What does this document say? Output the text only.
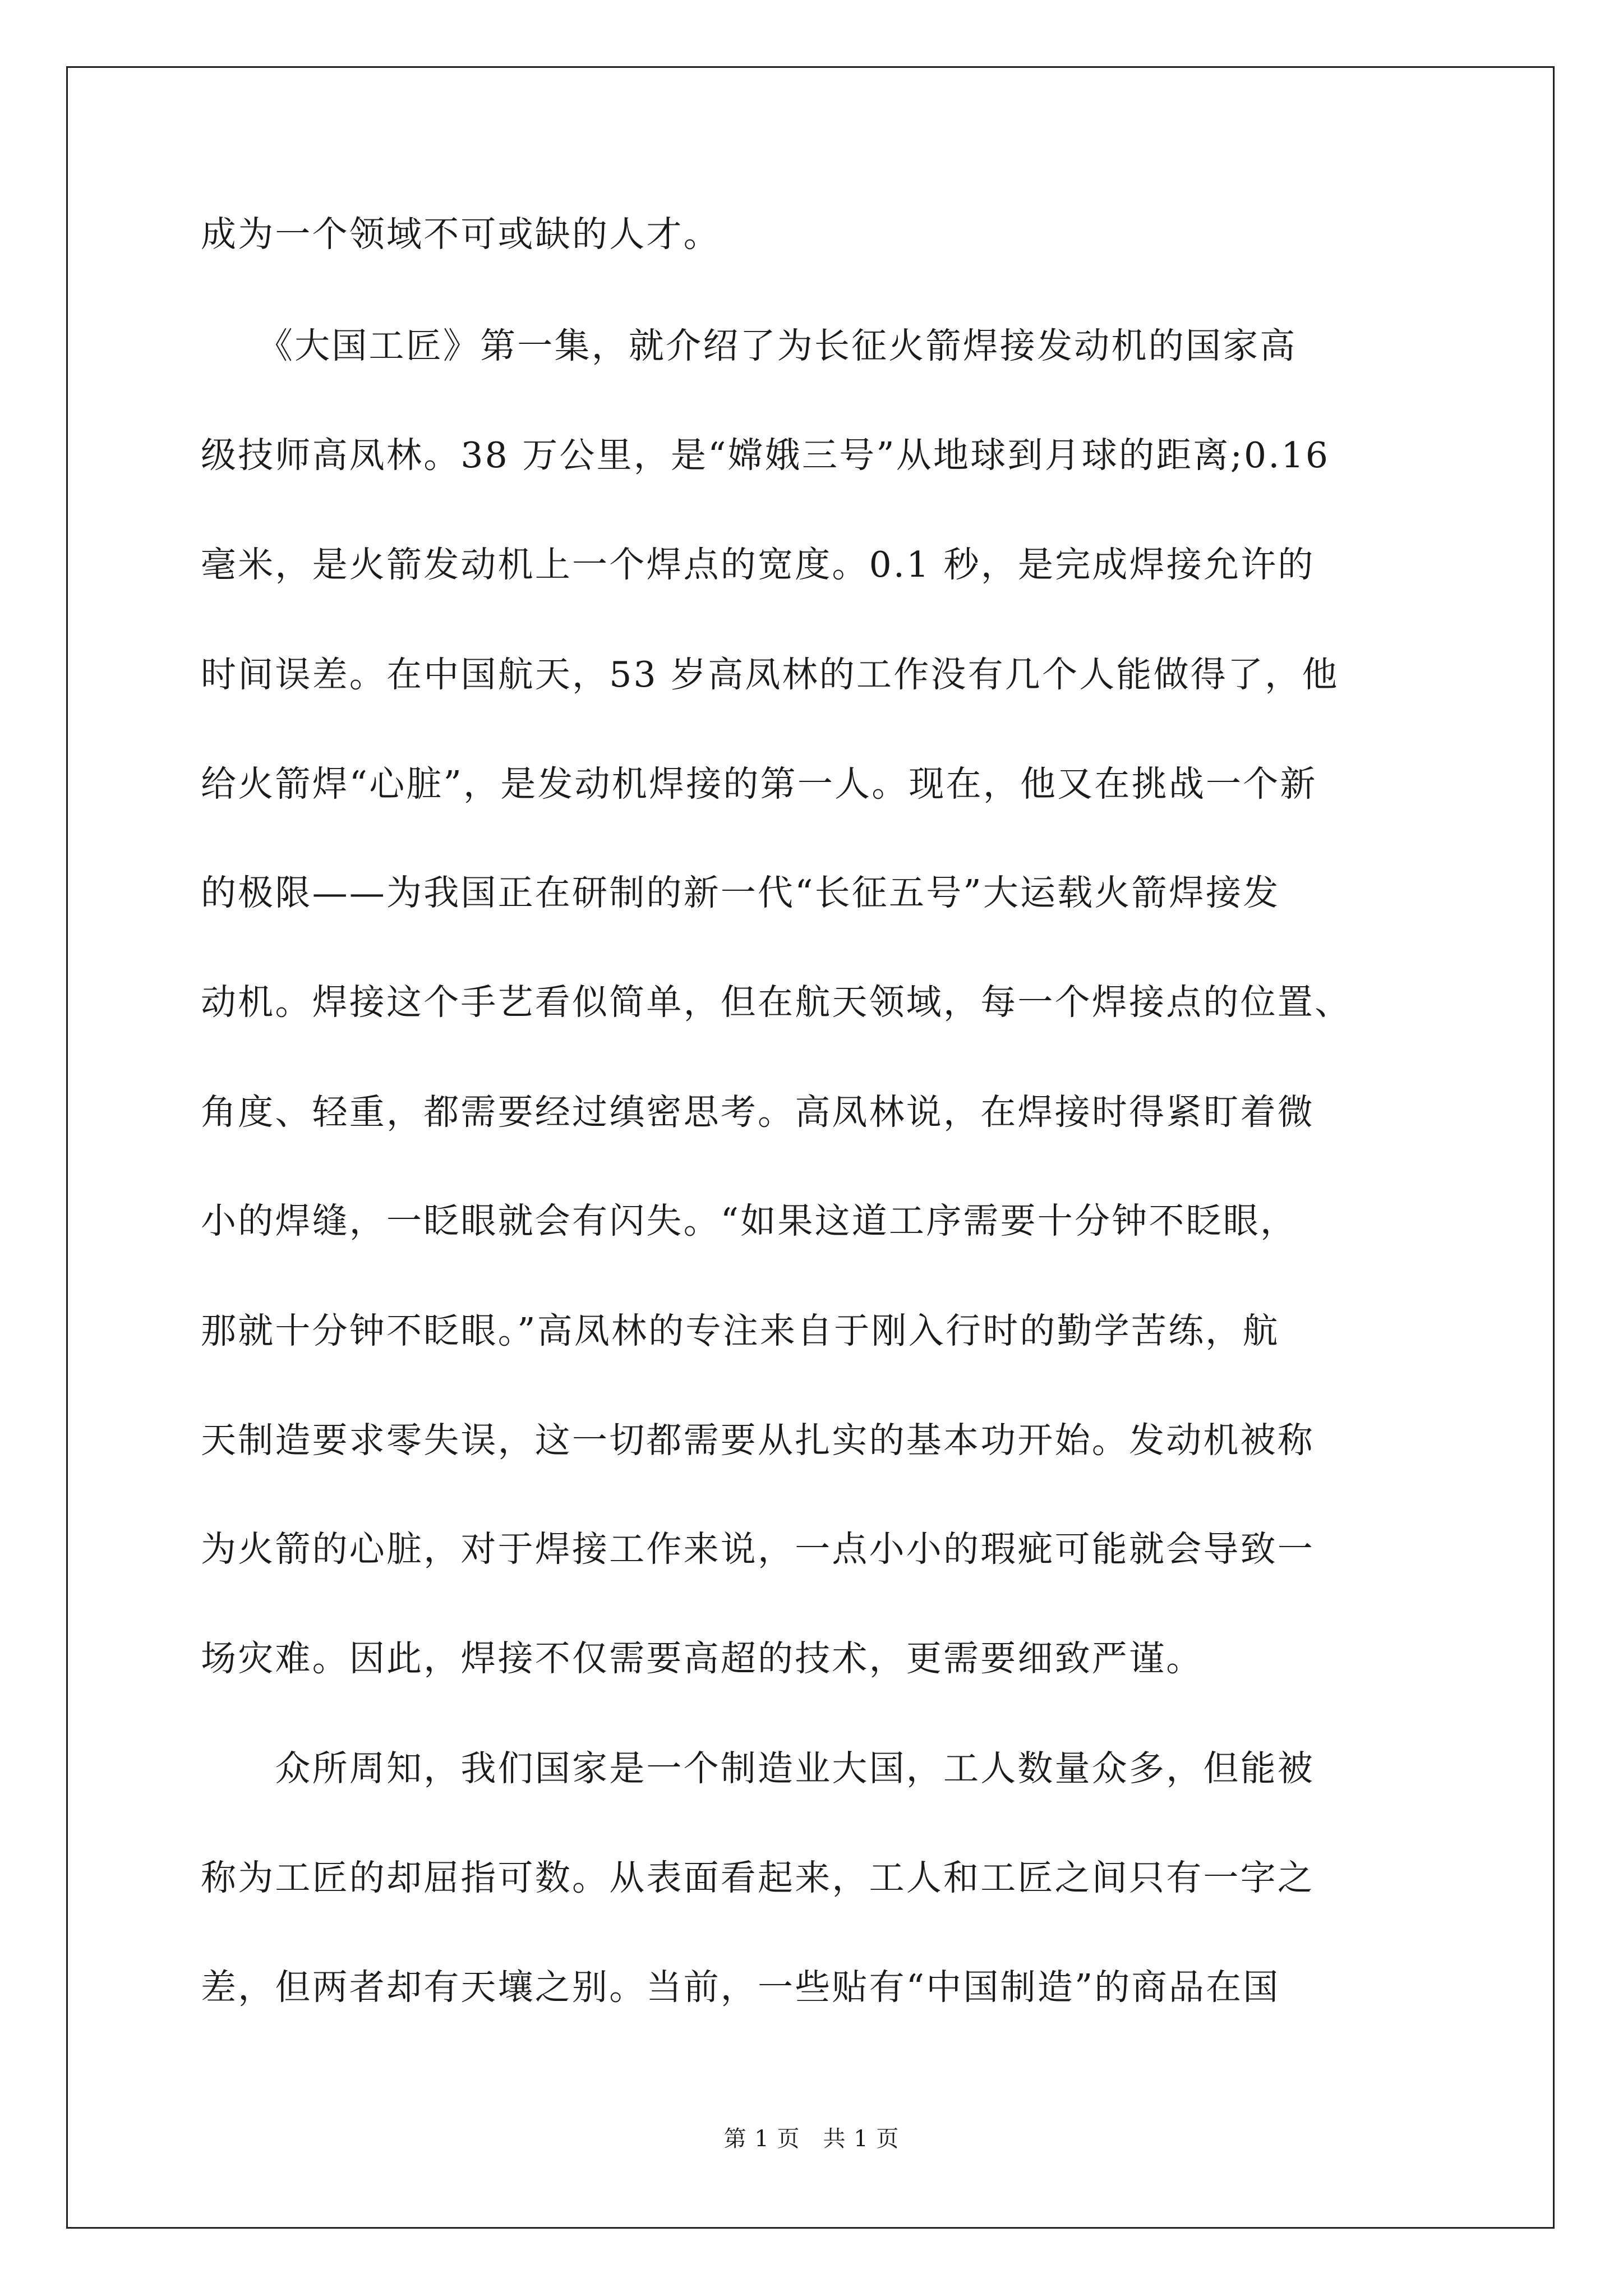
成为一个领域不可或缺的人才。

　　《大国工匠》第一集，就介绍了为长征火箭焊接发动机的国家高

级技师高凤林。38 万公里，是“嫦娥三号”从地球到月球的距离;0.16

毫米，是火箭发动机上一个焊点的宽度。0.1 秒，是完成焊接允许的

时间误差。在中国航天，53 岁高凤林的工作没有几个人能做得了，他

给火箭焊“心脏”，是发动机焊接的第一人。现在，他又在挑战一个新

的极限——为我国正在研制的新一代“长征五号”大运载火箭焊接发

动机。焊接这个手艺看似简单，但在航天领域，每一个焊接点的位置、

角度、轻重，都需要经过缜密思考。高凤林说，在焊接时得紧盯着微

小的焊缝，一眨眼就会有闪失。“如果这道工序需要十分钟不眨眼，

那就十分钟不眨眼。”高凤林的专注来自于刚入行时的勤学苦练，航

天制造要求零失误，这一切都需要从扎实的基本功开始。发动机被称

为火箭的心脏，对于焊接工作来说，一点小小的瑕疵可能就会导致一

场灾难。因此，焊接不仅需要高超的技术，更需要细致严谨。

　　众所周知，我们国家是一个制造业大国，工人数量众多，但能被

称为工匠的却屈指可数。从表面看起来，工人和工匠之间只有一字之

差，但两者却有天壤之别。当前，一些贴有“中国制造”的商品在国

第 1 页　共 1 页
